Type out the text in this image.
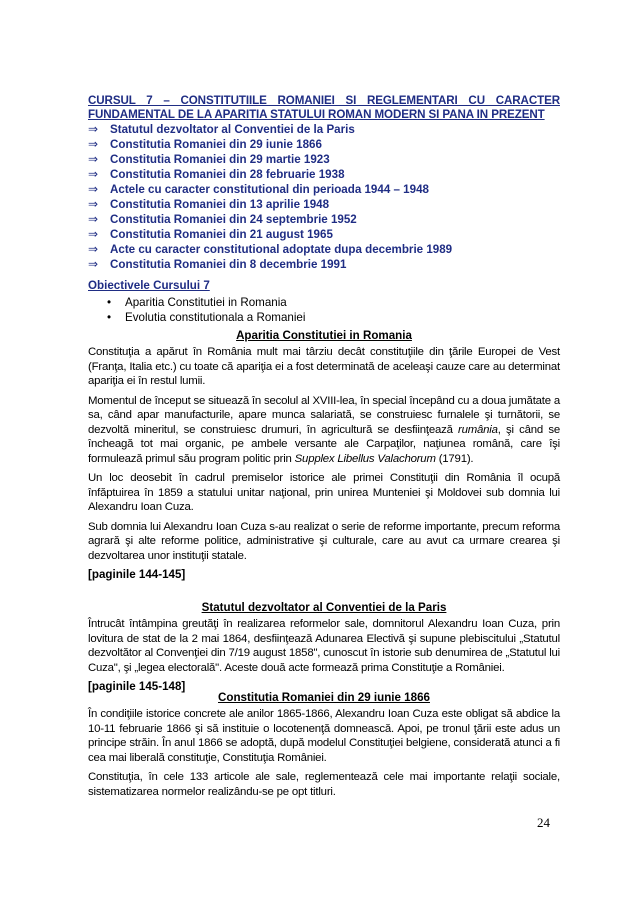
CURSUL 7 – CONSTITUTIILE ROMANIEI SI REGLEMENTARI CU CARACTER FUNDAMENTAL DE LA APARITIA STATULUI ROMAN MODERN SI PANA IN PREZENT

⇒	Statutul dezvoltator al Conventiei de la Paris
⇒	Constitutia Romaniei din 29 iunie 1866
⇒	Constitutia Romaniei din 29 martie 1923
⇒	Constitutia Romaniei din 28 februarie 1938
⇒	Actele cu caracter constitutional din perioada 1944 – 1948
⇒	Constitutia Romaniei din 13 aprilie 1948
⇒	Constitutia Romaniei din 24 septembrie 1952
⇒	Constitutia Romaniei din 21 august 1965
⇒	Acte cu caracter constitutional adoptate dupa decembrie 1989
⇒	Constitutia Romaniei din 8 decembrie 1991
Obiectivele Cursului 7
• Aparitia Constitutiei in Romania
• Evolutia constitutionala a Romaniei
Aparitia Constitutiei in Romania

Constituţia a apărut în România mult mai târziu decât constituţiile din ţările Europei de Vest (Franţa, Italia etc.) cu toate că apariţia ei a fost determinată de aceleaşi cauze care au determinat apariţia ei în restul lumii.

Momentul de început se situează în secolul al XVIII-lea, în special începând cu a doua jumătate a sa, când apar manufacturile, apare munca salariată, se construiesc furnalele şi turnătorii, se dezvoltă mineritul, se construiesc drumuri, în agricultură se desfiinţează rumânia, şi când se încheagă tot mai organic, pe ambele versante ale Carpaţilor, naţiunea română, care îşi formulează primul său program politic prin Supplex Libellus Valachorum (1791).

Un loc deosebit în cadrul premiselor istorice ale primei Constituţii din România îl ocupă înfăptuirea în 1859 a statului unitar naţional, prin unirea Munteniei şi Moldovei sub domnia lui Alexandru Ioan Cuza.

Sub domnia lui Alexandru Ioan Cuza s-au realizat o serie de reforme importante, precum reforma agrară şi alte reforme politice, administrative şi culturale, care au avut ca urmare crearea şi dezvoltarea unor instituţii statale.

[paginile 144-145]
Statutul dezvoltator al Conventiei de la Paris

Întrucât întâmpina greutăţi în realizarea reformelor sale, domnitorul Alexandru Ioan Cuza, prin lovitura de stat de la 2 mai 1864, desfiinţează Adunarea Electivă şi supune plebiscitului „Statutul dezvoltător al Convenţiei din 7/19 august 1858", cunoscut în istorie sub denumirea de „Statutul lui Cuza", şi „legea electorală". Aceste două acte formează prima Constituţie a României.

[paginile 145-148]
Constitutia Romaniei din 29 iunie 1866

În condiţiile istorice concrete ale anilor 1865-1866, Alexandru Ioan Cuza este obligat să abdice la 10-11 februarie 1866 şi să instituie o locotenenţă domnească. Apoi, pe tronul ţării este adus un principe străin. În anul 1866 se adoptă, după modelul Constituţiei belgiene, considerată atunci a fi cea mai liberală constituţie, Constituţia României.

Constituţia, în cele 133 articole ale sale, reglementează cele mai importante relaţii sociale, sistematizarea normelor realizându-se pe opt titluri.

24
